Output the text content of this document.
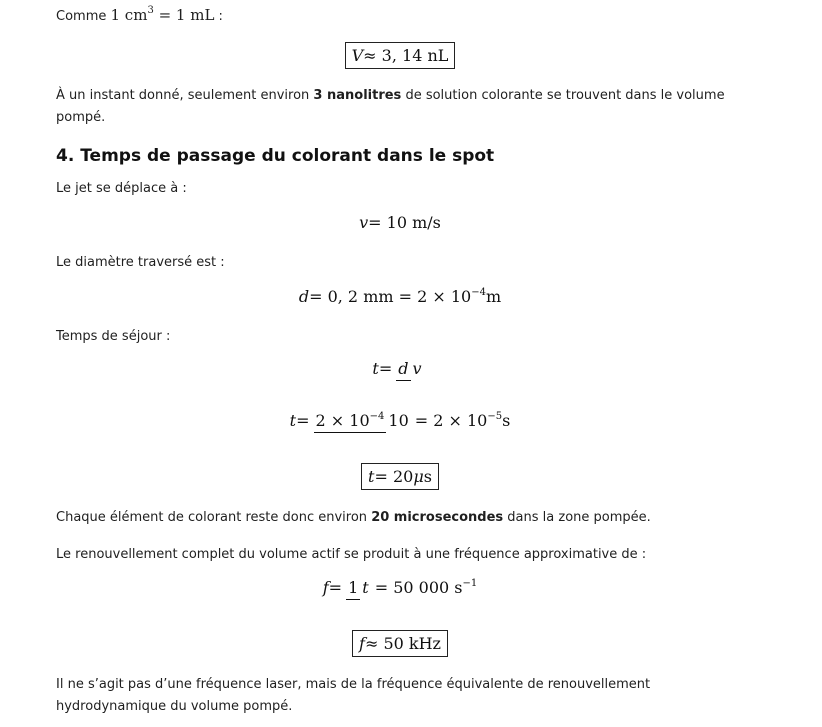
Comme 1 $cm^3 = 1$ mL :

V≈ 3, 14 nL

À un instant donné, seulement environ 3 nanolitres de solution colorante se trouvent dans le volume pompé.

4. Temps de passage du colorant dans le spot

Le jet se déplace à :

v= 10 m/s

Le diamètre traversé est :

d= 0, 2 mm = $2 \times 10^{-4}m$

Temps de séjour :

t=d v
$t=2 \times 10^{-4}$ $10= 2 \times 10^{-5}s$
t= 20μs

Chaque élément de colorant reste donc environ 20 microsecondes dans la zone pompée.

Le renouvellement complet du volume actif se produit à une fréquence approximative de :

f=1 t= 50 000 $s^{-1}$
f≈ 50 kHz

Il ne s’agit pas d’une fréquence laser, mais de la fréquence équivalente de renouvellement hydrodynamique du volume pompé.
